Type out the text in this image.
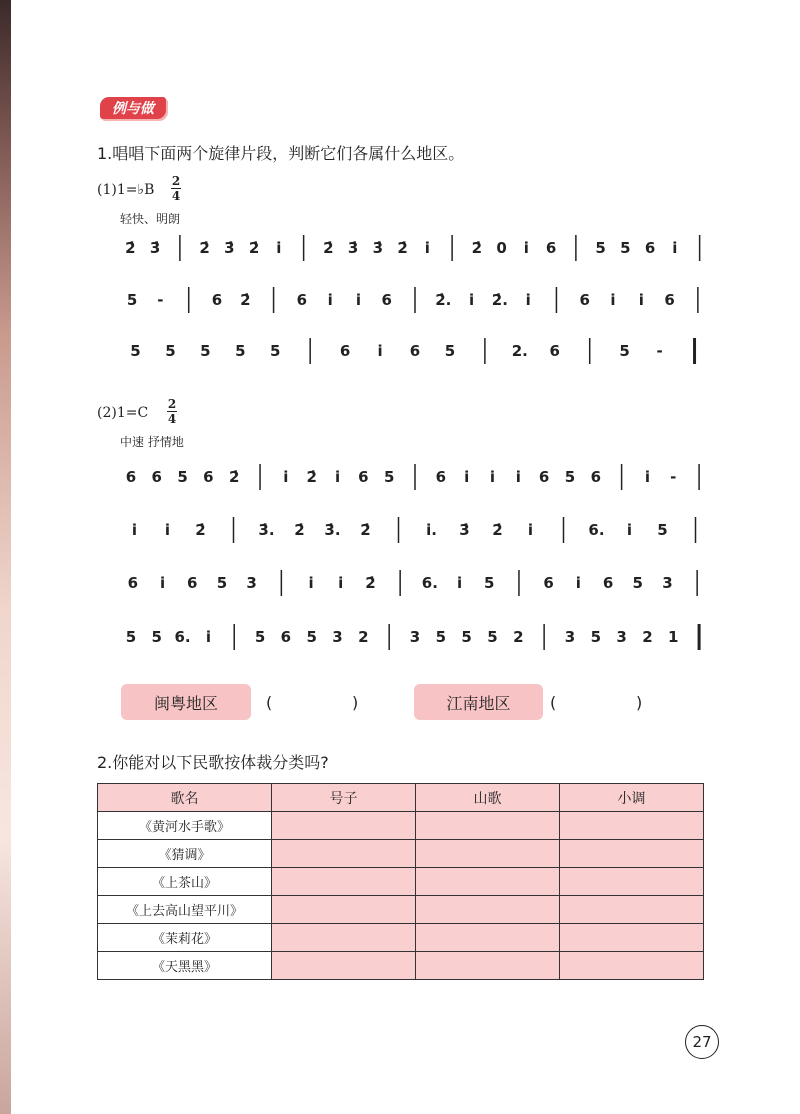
例与做
1.唱唱下面两个旋律片段，判断它们各属什么地区。
(1)1=♭B
2
4
轻快、明朗
2̇ 3̇	2̇ 3̇ 2̇ i	2̇ 3̇ 3̇ 2̇ i	2̇ 0 i 6	5 5 6 i
5 -	6 2̇	6 i i 6	2̇. i 2̇. i	6 i i 6
5 5 5 5 5	6 i 6 5	2. 6	5 -
(2)1=C
2
4
中速 抒情地
6 6 5 6 2̇	i 2̇ i 6 5	6 i i i 6 5 6	i -
i i 2̇	3̇. 2̇ 3̇. 2̇	i. 3̇ 2̇ i	6. i 5
6 i 6 5 3	i i 2̇	6. i 5	6 i 6 5 3
5 5 6. i	5 6 5 3 2	3 5 5 5 2	3 5 3 2 1
闽粤地区	(	)	江南地区	(	)
2.你能对以下民歌按体裁分类吗?
歌名	号子	山歌	小调
《黄河水手歌》			
《猜调》			
《上茶山》			
《上去高山望平川》			
《茉莉花》			
《天黑黑》			
27
